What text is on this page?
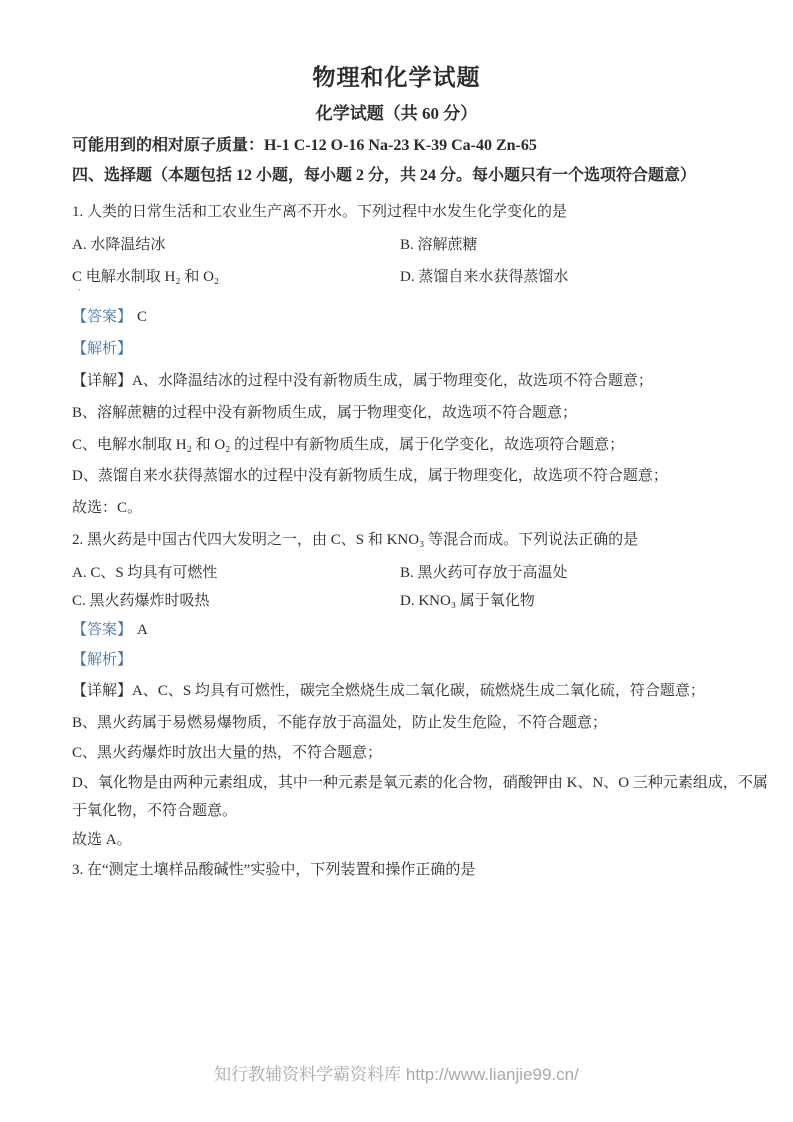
物理和化学试题
化学试题（共 60 分）
可能用到的相对原子质量：H-1 C-12 O-16 Na-23 K-39 Ca-40 Zn-65
四、选择题（本题包括 12 小题，每小题 2 分，共 24 分。每小题只有一个选项符合题意）
1. 人类的日常生活和工农业生产离不开水。下列过程中水发生化学变化的是
A. 水降温结冰	B. 溶解蔗糖
C 电解水制取 H₂ 和 O₂	D. 蒸馏自来水获得蒸馏水
ˈ
【答案】 C
【解析】
【详解】A、水降温结冰的过程中没有新物质生成，属于物理变化，故选项不符合题意；
B、溶解蔗糖的过程中没有新物质生成，属于物理变化，故选项不符合题意；
C、电解水制取 H₂ 和 O₂ 的过程中有新物质生成，属于化学变化，故选项符合题意；
D、蒸馏自来水获得蒸馏水的过程中没有新物质生成，属于物理变化，故选项不符合题意；
故选：C。
2. 黑火药是中国古代四大发明之一，由 C、S 和 KNO₃ 等混合而成。下列说法正确的是
A. C、S 均具有可燃性	B. 黑火药可存放于高温处
C. 黑火药爆炸时吸热	D. KNO₃ 属于氧化物
【答案】 A
【解析】
【详解】A、C、S 均具有可燃性，碳完全燃烧生成二氧化碳，硫燃烧生成二氧化硫，符合题意；
B、黑火药属于易燃易爆物质，不能存放于高温处，防止发生危险，不符合题意；
C、黑火药爆炸时放出大量的热，不符合题意；
D、氧化物是由两种元素组成，其中一种元素是氧元素的化合物，硝酸钾由 K、N、O 三种元素组成，不属
于氧化物，不符合题意。
故选 A。
3. 在“测定土壤样品酸碱性”实验中，下列装置和操作正确的是
知行教辅资料学霸资料库 http://www.lianjie99.cn/
